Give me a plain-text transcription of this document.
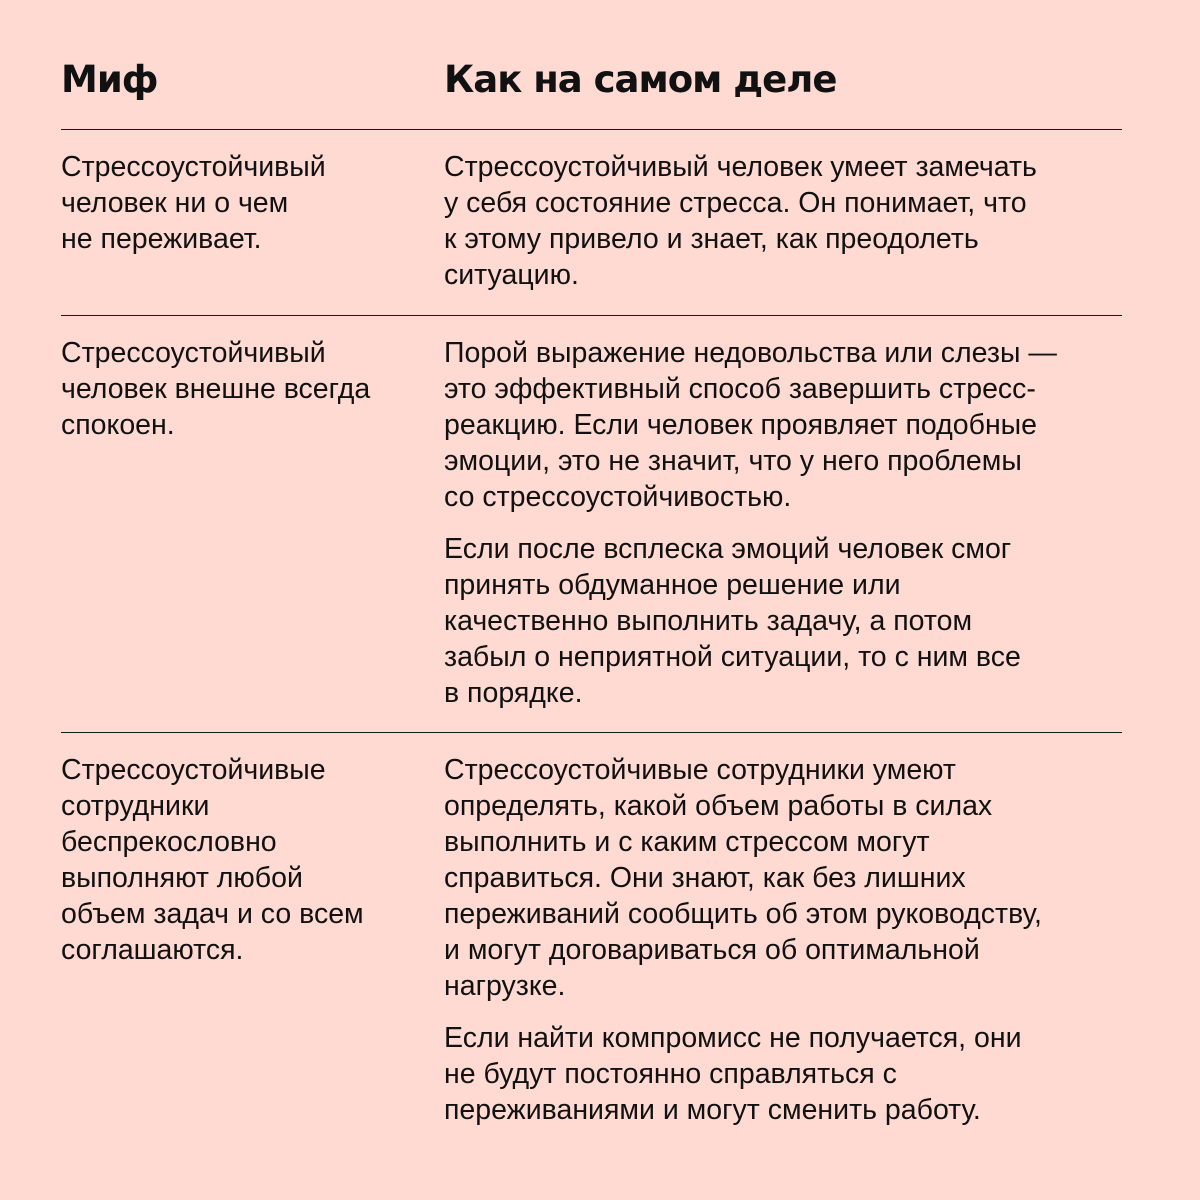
Миф	Как на самом деле
Стрессоустойчивый
человек ни о чем
не переживает.

Стрессоустойчивый человек умеет замечать
у себя состояние стресса. Он понимает, что
к этому привело и знает, как преодолеть
ситуацию.

Стрессоустойчивый
человек внешне всегда
спокоен.

Порой выражение недовольства или слезы —
это эффективный способ завершить стресс-
реакцию. Если человек проявляет подобные
эмоции, это не значит, что у него проблемы
со стрессоустойчивостью.

Если после всплеска эмоций человек смог
принять обдуманное решение или
качественно выполнить задачу, а потом
забыл о неприятной ситуации, то с ним все
в порядке.

Стрессоустойчивые
сотрудники
беспрекословно
выполняют любой
объем задач и со всем
соглашаются.

Стрессоустойчивые сотрудники умеют
определять, какой объем работы в силах
выполнить и с каким стрессом могут
справиться. Они знают, как без лишних
переживаний сообщить об этом руководству,
и могут договариваться об оптимальной
нагрузке.

Если найти компромисс не получается, они
не будут постоянно справляться с
переживаниями и могут сменить работу.
